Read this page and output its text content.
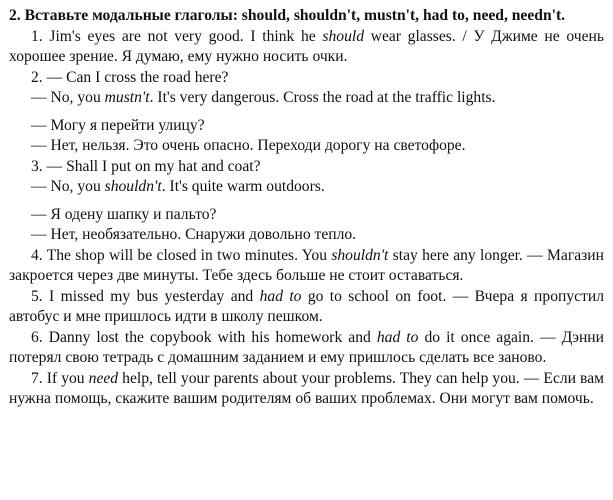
2. Вставьте модальные глаголы: should, shouldn't, mustn't, had to, need, needn't.

1. Jim's eyes are not very good. I think he should wear glasses. / У Джиме не очень хорошее зрение. Я думаю, ему нужно носить очки.

2. — Can I cross the road here?

— No, you mustn't. It's very dangerous. Cross the road at the traffic lights.

— Могу я перейти улицу?

— Нет, нельзя. Это очень опасно. Переходи дорогу на светофоре.

3. — Shall I put on my hat and coat?

— No, you shouldn't. It's quite warm outdoors.

— Я одену шапку и пальто?

— Нет, необязательно. Снаружи довольно тепло.

4. The shop will be closed in two minutes. You shouldn't stay here any longer. — Магазин закроется через две минуты. Тебе здесь больше не стоит оставаться.

5. I missed my bus yesterday and had to go to school on foot. — Вчера я пропустил автобус и мне пришлось идти в школу пешком.

6. Danny lost the copybook with his homework and had to do it once again. — Дэнни потерял свою тетрадь с домашним заданием и ему пришлось сделать все заново.

7. If you need help, tell your parents about your problems. They can help you. — Если вам нужна помощь, скажите вашим родителям об ваших проблемах. Они могут вам помочь.
